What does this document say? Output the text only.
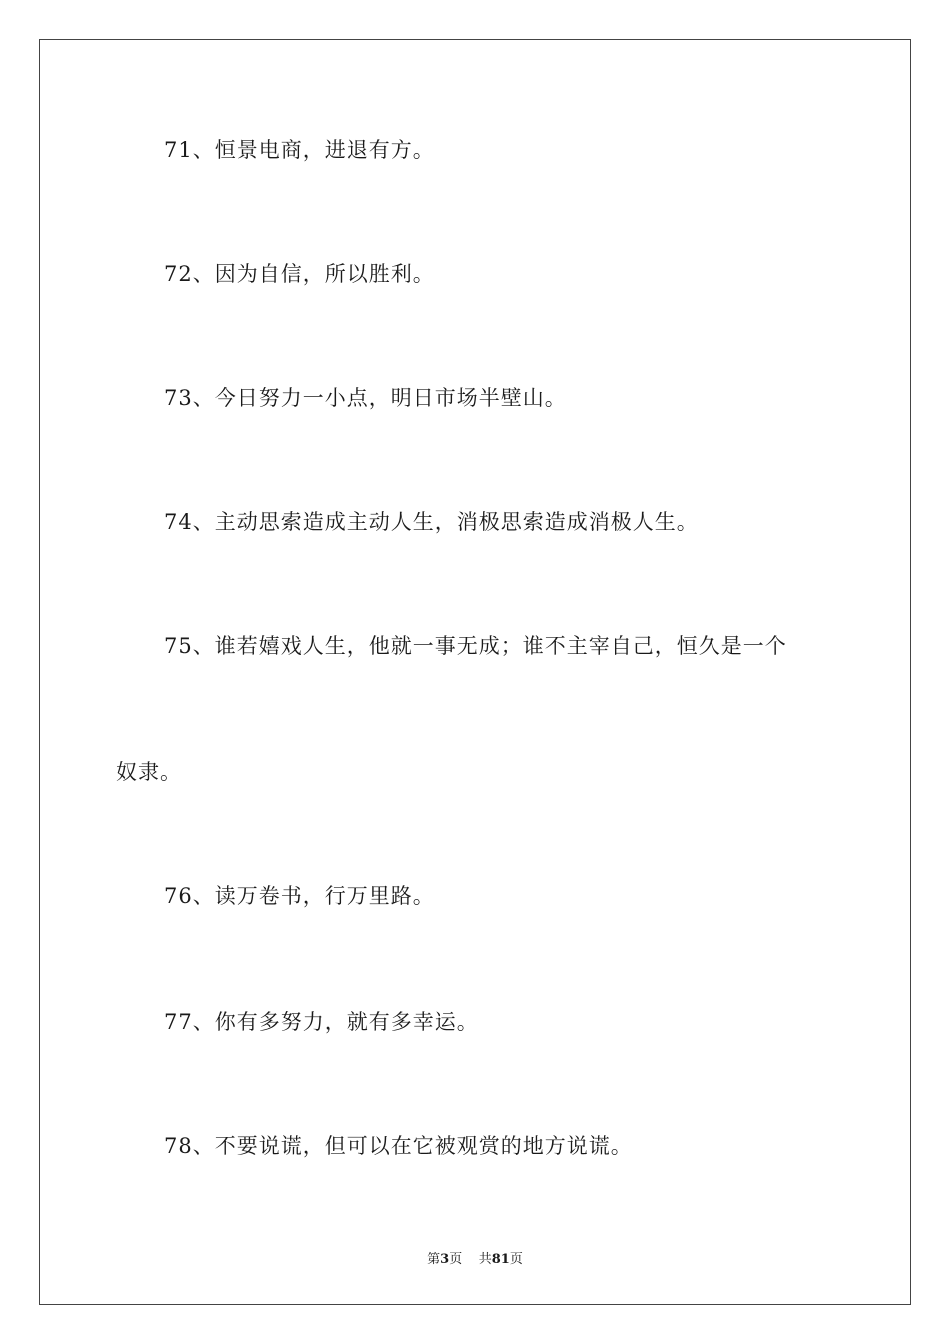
71、恒景电商，进退有方。
72、因为自信，所以胜利。
73、今日努力一小点，明日市场半壁山。
74、主动思索造成主动人生，消极思索造成消极人生。
75、谁若嬉戏人生，他就一事无成；谁不主宰自己，恒久是一个
奴隶。
76、读万卷书，行万里路。
77、你有多努力，就有多幸运。
78、不要说谎，但可以在它被观赏的地方说谎。
第3页 共81页
